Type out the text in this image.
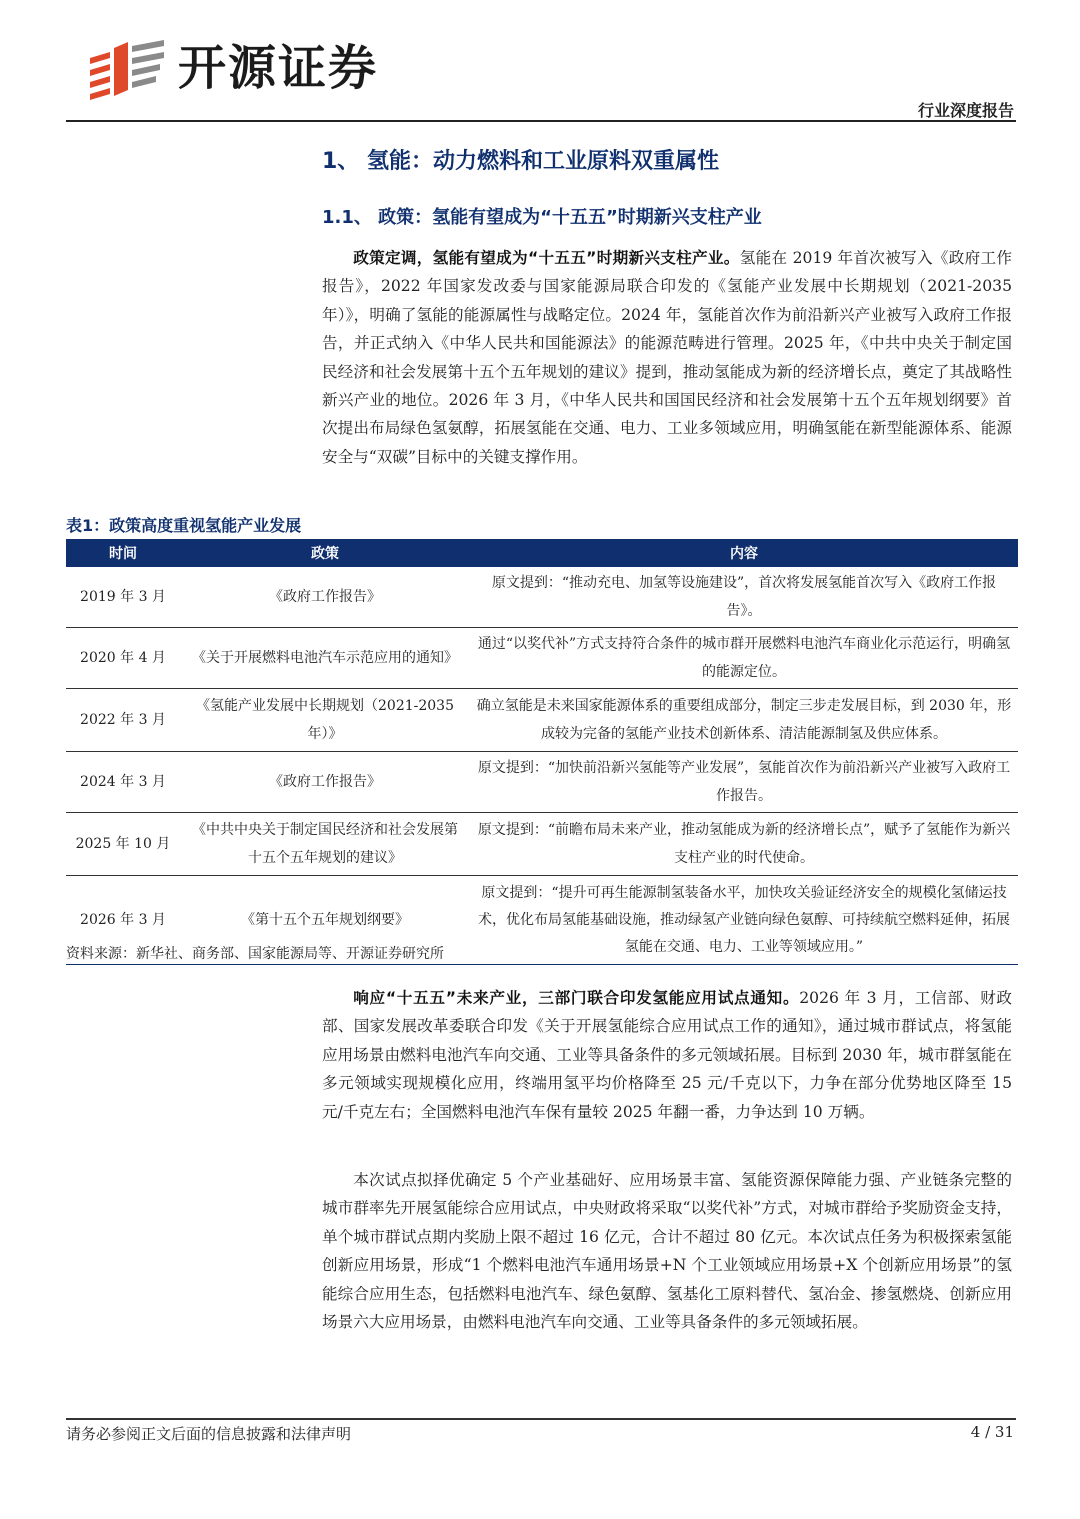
开源证券
行业深度报告
1、 氢能：动力燃料和工业原料双重属性
1.1、 政策：氢能有望成为“十五五”时期新兴支柱产业

政策定调，氢能有望成为“十五五”时期新兴支柱产业。氢能在 2019 年首次被写入《政府工作报告》，2022 年国家发改委与国家能源局联合印发的《氢能产业发展中长期规划（2021-2035 年）》，明确了氢能的能源属性与战略定位。2024 年，氢能首次作为前沿新兴产业被写入政府工作报告，并正式纳入《中华人民共和国能源法》的能源范畴进行管理。2025 年，《中共中央关于制定国民经济和社会发展第十五个五年规划的建议》提到，推动氢能成为新的经济增长点，奠定了其战略性新兴产业的地位。2026 年 3 月，《中华人民共和国国民经济和社会发展第十五个五年规划纲要》首次提出布局绿色氢氨醇，拓展氢能在交通、电力、工业多领域应用，明确氢能在新型能源体系、能源安全与“双碳”目标中的关键支撑作用。

表1：政策高度重视氢能产业发展
时间	政策	内容
2019 年 3 月	《政府工作报告》	原文提到：“推动充电、加氢等设施建设”，首次将发展氢能首次写入《政府工作报告》。
2020 年 4 月	《关于开展燃料电池汽车示范应用的通知》	通过“以奖代补”方式支持符合条件的城市群开展燃料电池汽车商业化示范运行，明确氢的能源定位。
2022 年 3 月	《氢能产业发展中长期规划（2021-2035 年）》	确立氢能是未来国家能源体系的重要组成部分，制定三步走发展目标，到 2030 年，形成较为完备的氢能产业技术创新体系、清洁能源制氢及供应体系。
2024 年 3 月	《政府工作报告》	原文提到：“加快前沿新兴氢能等产业发展”，氢能首次作为前沿新兴产业被写入政府工作报告。
2025 年 10 月	《中共中央关于制定国民经济和社会发展第十五个五年规划的建议》	原文提到：“前瞻布局未来产业，推动氢能成为新的经济增长点”，赋予了氢能作为新兴支柱产业的时代使命。
2026 年 3 月	《第十五个五年规划纲要》	原文提到：“提升可再生能源制氢装备水平，加快攻关验证经济安全的规模化氢储运技术，优化布局氢能基础设施，推动绿氢产业链向绿色氨醇、可持续航空燃料延伸，拓展氢能在交通、电力、工业等领域应用。”
资料来源：新华社、商务部、国家能源局等、开源证券研究所

响应“十五五”未来产业，三部门联合印发氢能应用试点通知。2026 年 3 月，工信部、财政部、国家发展改革委联合印发《关于开展氢能综合应用试点工作的通知》，通过城市群试点，将氢能应用场景由燃料电池汽车向交通、工业等具备条件的多元领域拓展。目标到 2030 年，城市群氢能在多元领域实现规模化应用，终端用氢平均价格降至 25 元/千克以下，力争在部分优势地区降至 15 元/千克左右；全国燃料电池汽车保有量较 2025 年翻一番，力争达到 10 万辆。

本次试点拟择优确定 5 个产业基础好、应用场景丰富、氢能资源保障能力强、产业链条完整的城市群率先开展氢能综合应用试点，中央财政将采取“以奖代补”方式，对城市群给予奖励资金支持，单个城市群试点期内奖励上限不超过 16 亿元，合计不超过 80 亿元。本次试点任务为积极探索氢能创新应用场景，形成“1 个燃料电池汽车通用场景+N 个工业领域应用场景+X 个创新应用场景”的氢能综合应用生态，包括燃料电池汽车、绿色氨醇、氢基化工原料替代、氢冶金、掺氢燃烧、创新应用场景六大应用场景，由燃料电池汽车向交通、工业等具备条件的多元领域拓展。

请务必参阅正文后面的信息披露和法律声明	4 / 31
